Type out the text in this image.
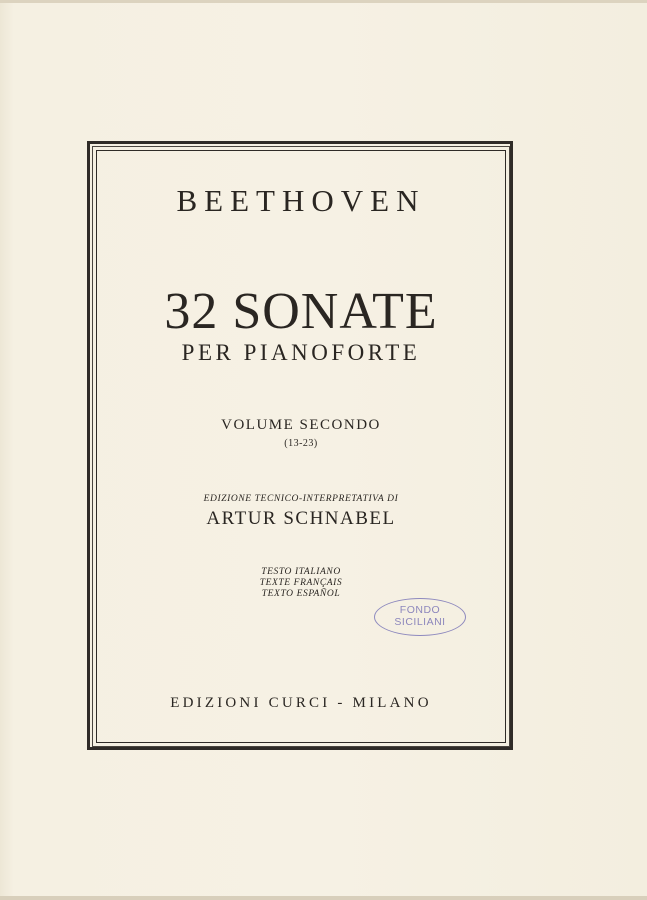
BEETHOVEN

32 SONATE

PER PIANOFORTE

VOLUME SECONDO

(13-23)

EDIZIONE TECNICO-INTERPRETATIVA DI

ARTUR SCHNABEL

TESTO ITALIANO
TEXTE FRANÇAIS
TEXTO ESPAÑOL
FONDO
SICILIANI

EDIZIONI CURCI - MILANO
